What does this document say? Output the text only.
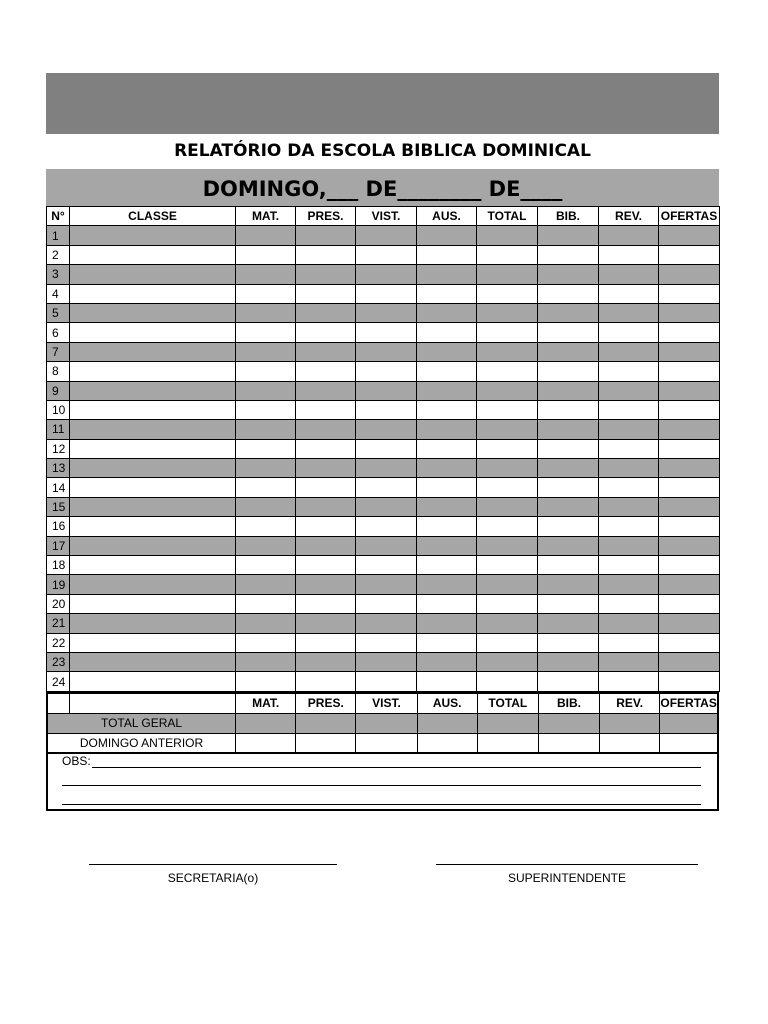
RELATÓRIO DA ESCOLA BIBLICA DOMINICAL
DOMINGO,___ DE________ DE____
N°	CLASSE	MAT.	PRES.	VIST.	AUS.	TOTAL	BIB.	REV.	OFERTAS
1									
2									
3									
4									
5									
6									
7									
8									
9									
10									
11									
12									
13									
14									
15									
16									
17									
18									
19									
20									
21									
22									
23									
24									
		MAT.	PRES.	VIST.	AUS.	TOTAL	BIB.	REV.	OFERTAS
TOTAL GERAL									
DOMINGO ANTERIOR									
OBS:
SECRETARIA(o)	SUPERINTENDENTE
